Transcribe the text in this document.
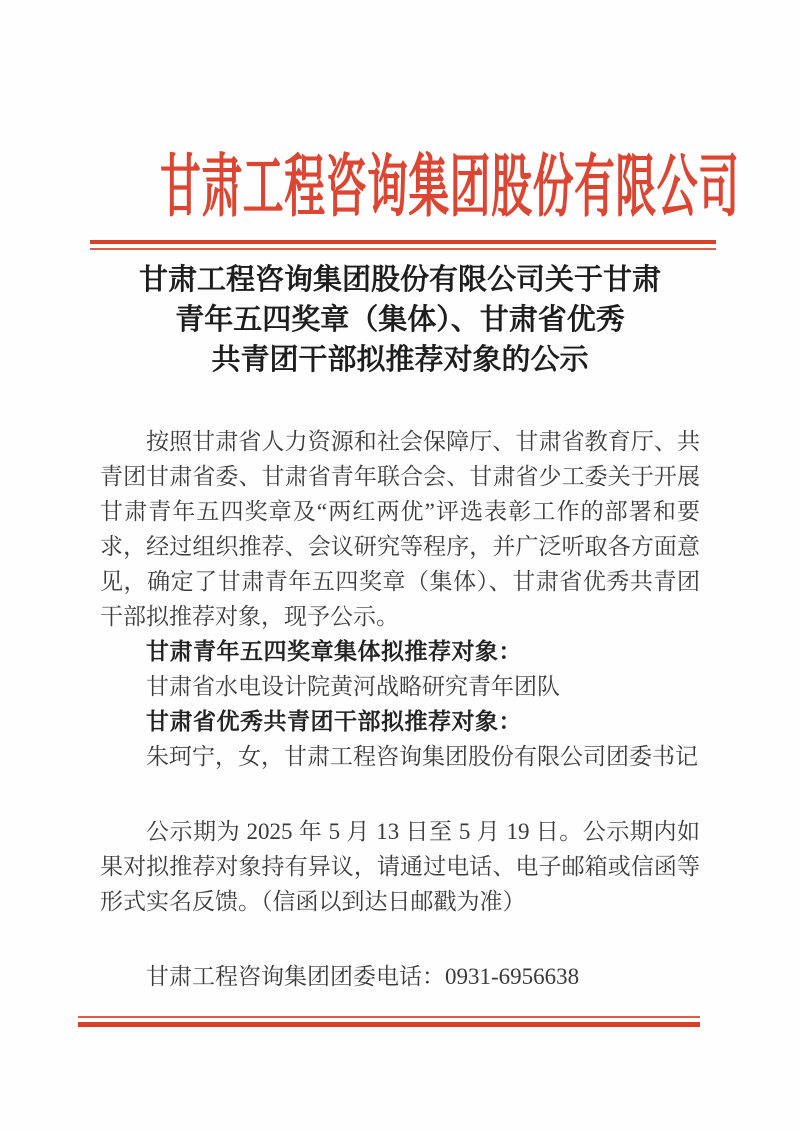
甘肃工程咨询集团股份有限公司
甘肃工程咨询集团股份有限公司关于甘肃
青年五四奖章（集体）、甘肃省优秀
共青团干部拟推荐对象的公示

按照甘肃省人力资源和社会保障厅、甘肃省教育厅、共青团甘肃省委、甘肃省青年联合会、甘肃省少工委关于开展甘肃青年五四奖章及“两红两优”评选表彰工作的部署和要求，经过组织推荐、会议研究等程序，并广泛听取各方面意见，确定了甘肃青年五四奖章（集体）、甘肃省优秀共青团干部拟推荐对象，现予公示。

甘肃青年五四奖章集体拟推荐对象：

甘肃省水电设计院黄河战略研究青年团队

甘肃省优秀共青团干部拟推荐对象：

朱珂宁，女，甘肃工程咨询集团股份有限公司团委书记

公示期为 2025 年 5 月 13 日至 5 月 19 日。公示期内如果对拟推荐对象持有异议，请通过电话、电子邮箱或信函等形式实名反馈。（信函以到达日邮戳为准）

甘肃工程咨询集团团委电话：0931-6956638
